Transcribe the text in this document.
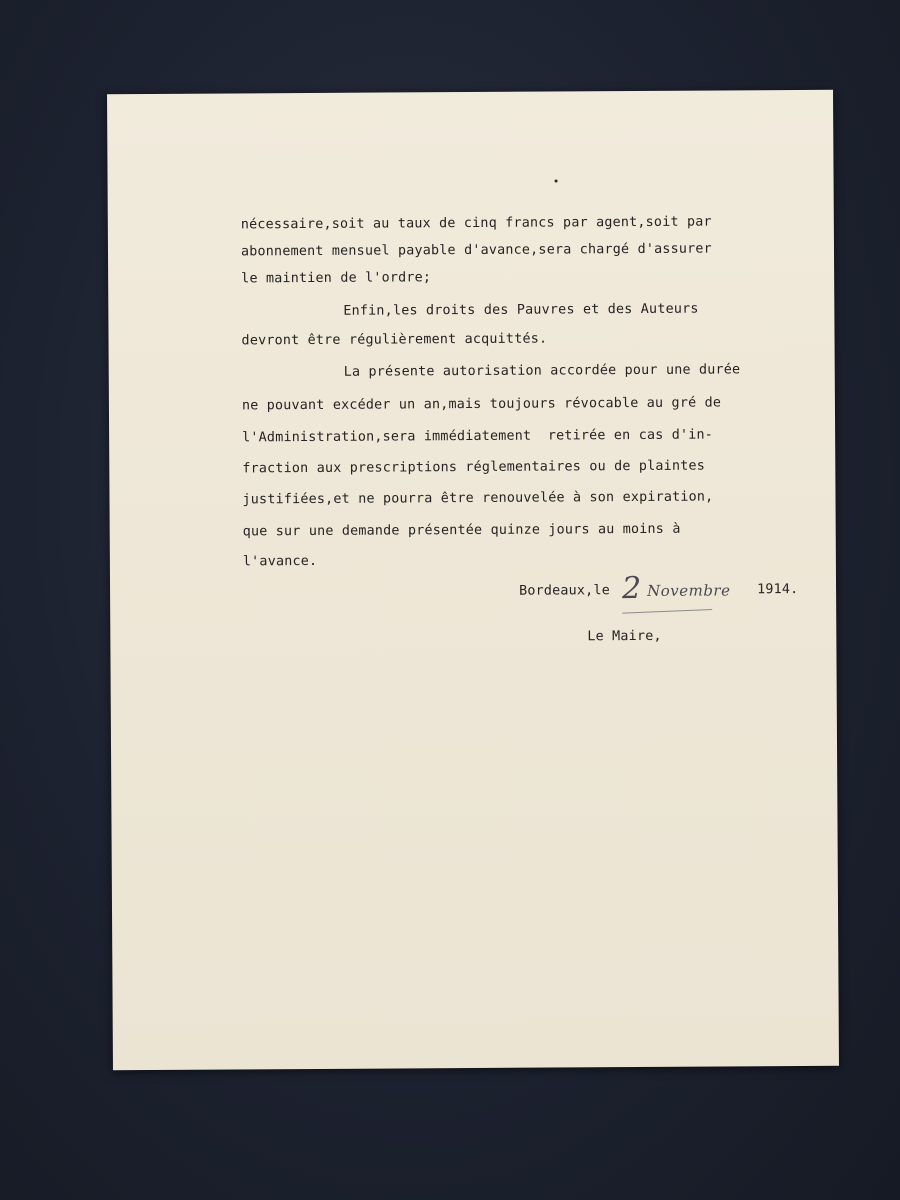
nécessaire,soit au taux de cinq francs par agent,soit par
abonnement mensuel payable d'avance,sera chargé d'assurer
le maintien de l'ordre;
Enfin,les droits des Pauvres et des Auteurs
devront être régulièrement acquittés.
La présente autorisation accordée pour une durée
ne pouvant excéder un an,mais toujours révocable au gré de
l'Administration,sera immédiatement  retirée en cas d'in-
fraction aux prescriptions réglementaires ou de plaintes
justifiées,et ne pourra être renouvelée à son expiration,
que sur une demande présentée quinze jours au moins à
l'avance.
Bordeaux,le 2 Novembre 1914.
Le Maire,
